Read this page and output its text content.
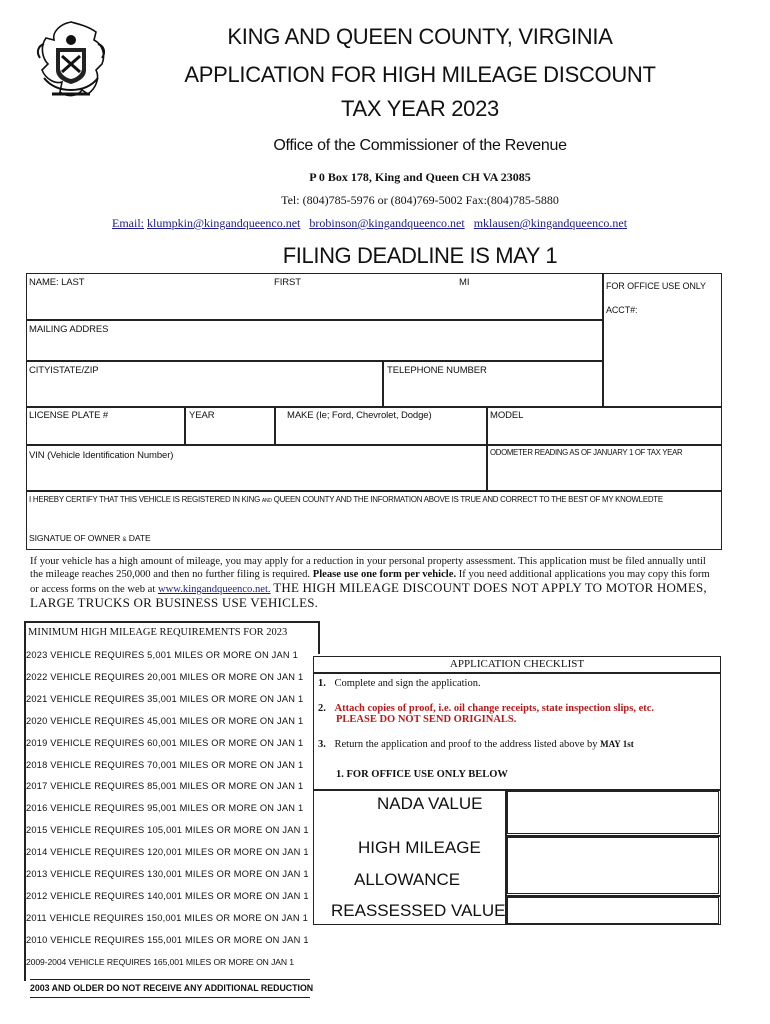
KING AND QUEEN COUNTY, VIRGINIA
APPLICATION FOR HIGH MILEAGE DISCOUNT
TAX YEAR 2023
Office of the Commissioner of the Revenue
P 0 Box 178, King and Queen CH VA 23085
Tel: (804)785-5976 or (804)769-5002 Fax:(804)785-5880
Email: klumpkin@kingandqueenco.net brobinson@kingandqueenco.net mklausen@kingandqueenco.net
FILING DEADLINE IS MAY 1
NAME: LAST	FIRST	MI	FOR OFFICE USE ONLY
ACCT#:
MAILING ADDRES
CITYISTATE/ZIP	TELEPHONE NUMBER
LICENSE PLATE #	YEAR	MAKE (Ie; Ford, Chevrolet, Dodge)	MODEL
VIN (Vehicle Identification Number)	ODOMETER READING AS OF JANUARY 1 OF TAX YEAR
I HEREBY CERTIFY THAT THIS VEHICLE IS REGISTERED IN KING AND QUEEN COUNTY AND THE INFORMATION ABOVE IS TRUE AND CORRECT TO THE BEST OF MY KNOWLEDTE
SIGNATUE OF OWNER & DATE
If your vehicle has a high amount of mileage, you may apply for a reduction in your personal property assessment. This application must be filed annually until the mileage reaches 250,000 and then no further filing is required. Please use one form per vehicle. If you need additional applications you may copy this form or access forms on the web at www.kingandqueenco.net. THE HIGH MILEAGE DISCOUNT DOES NOT APPLY TO MOTOR HOMES, LARGE TRUCKS OR BUSINESS USE VEHICLES.
MINIMUM HIGH MILEAGE REQUIREMENTS FOR 2023
2023 VEHICLE REQUIRES 5,001 MILES OR MORE ON JAN 1
2022 VEHICLE REQUIRES 20,001 MILES OR MORE ON JAN 1
2021 VEHICLE REQUIRES 35,001 MILES OR MORE ON JAN 1
2020 VEHICLE REQUIRES 45,001 MILES OR MORE ON JAN 1
2019 VEHICLE REQUIRES 60,001 MILES OR MORE ON JAN 1
2018 VEHICLE REQUIRES 70,001 MILES OR MORE ON JAN 1
2017 VEHICLE REQUIRES 85,001 MILES OR MORE ON JAN 1
2016 VEHICLE REQUIRES 95,001 MILES OR MORE ON JAN 1
2015 VEHICLE REQUIRES 105,001 MILES OR MORE ON JAN 1
2014 VEHICLE REQUIRES 120,001 MILES OR MORE ON JAN 1
2013 VEHICLE REQUIRES 130,001 MILES OR MORE ON JAN 1
2012 VEHICLE REQUIRES 140,001 MILES OR MORE ON JAN 1
2011 VEHICLE REQUIRES 150,001 MILES OR MORE ON JAN 1
2010 VEHICLE REQUIRES 155,001 MILES OR MORE ON JAN 1
2009-2004 VEHICLE REQUIRES 165,001 MILES OR MORE ON JAN 1
2003 AND OLDER DO NOT RECEIVE ANY ADDITIONAL REDUCTION
APPLICATION CHECKLIST
1. Complete and sign the application.
2. Attach copies of proof, i.e. oil change receipts, state inspection slips, etc.
PLEASE DO NOT SEND ORIGINALS.
3. Return the application and proof to the address listed above by MAY 1st
1. FOR OFFICE USE ONLY BELOW
NADA VALUE
HIGH MILEAGE
ALLOWANCE
REASSESSED VALUE
